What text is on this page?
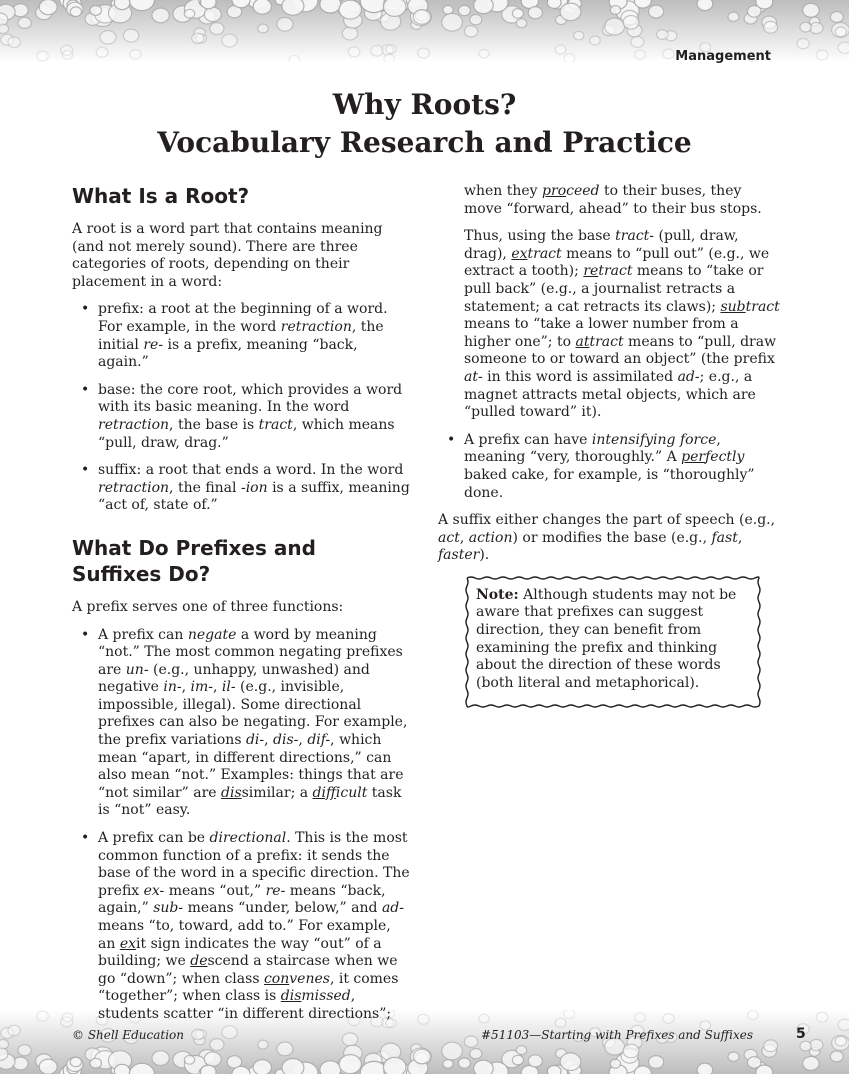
Management
Why Roots?
Vocabulary Research and Practice
What Is a Root?

A root is a word part that contains meaning (and not merely sound). There are three categories of roots, depending on their placement in a word:

• prefix: a root at the beginning of a word. For example, in the word retraction, the initial re- is a prefix, meaning “back, again.”
• base: the core root, which provides a word with its basic meaning. In the word retraction, the base is tract, which means “pull, draw, drag.”
• suffix: a root that ends a word. In the word retraction, the final -ion is a suffix, meaning “act of, state of.”
What Do Prefixes and Suffixes Do?

A prefix serves one of three functions:

• A prefix can negate a word by meaning “not.” The most common negating prefixes are un- (e.g., unhappy, unwashed) and negative in-, im-, il- (e.g., invisible, impossible, illegal). Some directional prefixes can also be negating. For example, the prefix variations di-, dis-, dif-, which mean “apart, in different directions,” can also mean “not.” Examples: things that are “not similar” are dissimilar; a difficult task is “not” easy.
• A prefix can be directional. This is the most common function of a prefix: it sends the base of the word in a specific direction. The prefix ex- means “out,” re- means “back, again,” sub- means “under, below,” and ad- means “to, toward, add to.” For example, an exit sign indicates the way “out” of a building; we descend a staircase when we go “down”; when class convenes, it comes “together”; when class is dismissed, students scatter “in different directions”;
when they proceed to their buses, they move “forward, ahead” to their bus stops.
Thus, using the base tract- (pull, draw, drag), extract means to “pull out” (e.g., we extract a tooth); retract means to “take or pull back” (e.g., a journalist retracts a statement; a cat retracts its claws); subtract means to “take a lower number from a higher one”; to attract means to “pull, draw someone to or toward an object” (the prefix at- in this word is assimilated ad-; e.g., a magnet attracts metal objects, which are “pulled toward” it).
• A prefix can have intensifying force, meaning “very, thoroughly.” A perfectly baked cake, for example, is “thoroughly” done.

A suffix either changes the part of speech (e.g., act, action) or modifies the base (e.g., fast, faster).

Note: Although students may not be aware that prefixes can suggest direction, they can benefit from examining the prefix and thinking about the direction of these words (both literal and metaphorical).
© Shell Education	#51103—Starting with Prefixes and Suffixes	5
